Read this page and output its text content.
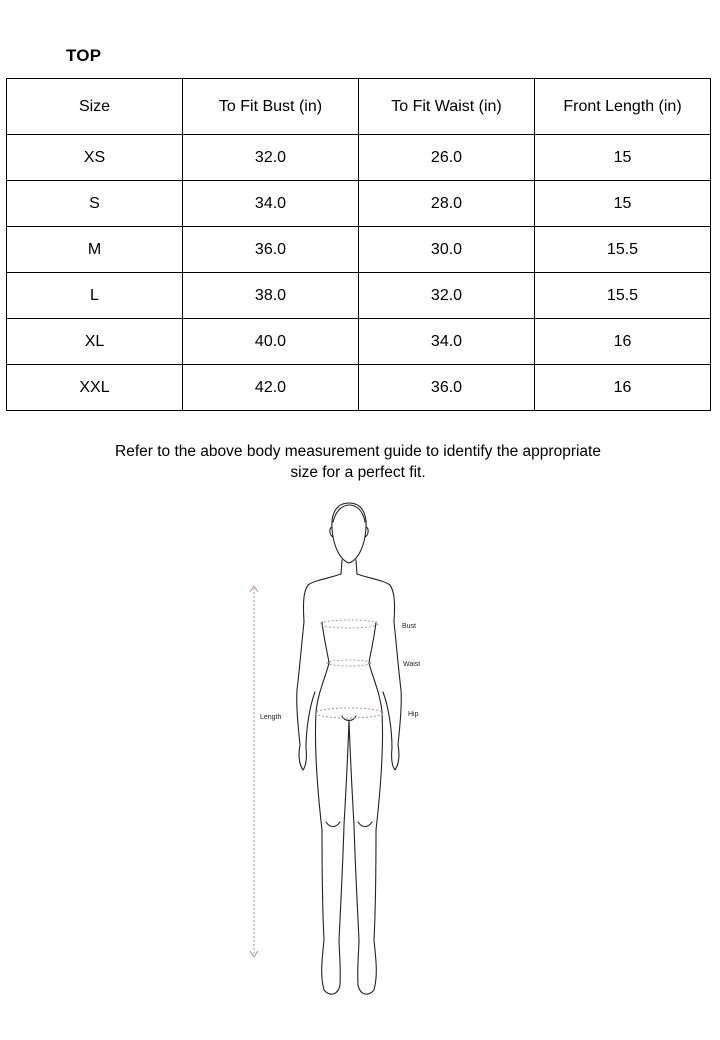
TOP
Size	To Fit Bust (in)	To Fit Waist (in)	Front Length (in)
XS	32.0	26.0	15
S	34.0	28.0	15
M	36.0	30.0	15.5
L	38.0	32.0	15.5
XL	40.0	34.0	16
XXL	42.0	36.0	16
Refer to the above body measurement guide to identify the appropriate
size for a perfect fit.
Bust
Waist
Hip
Length
